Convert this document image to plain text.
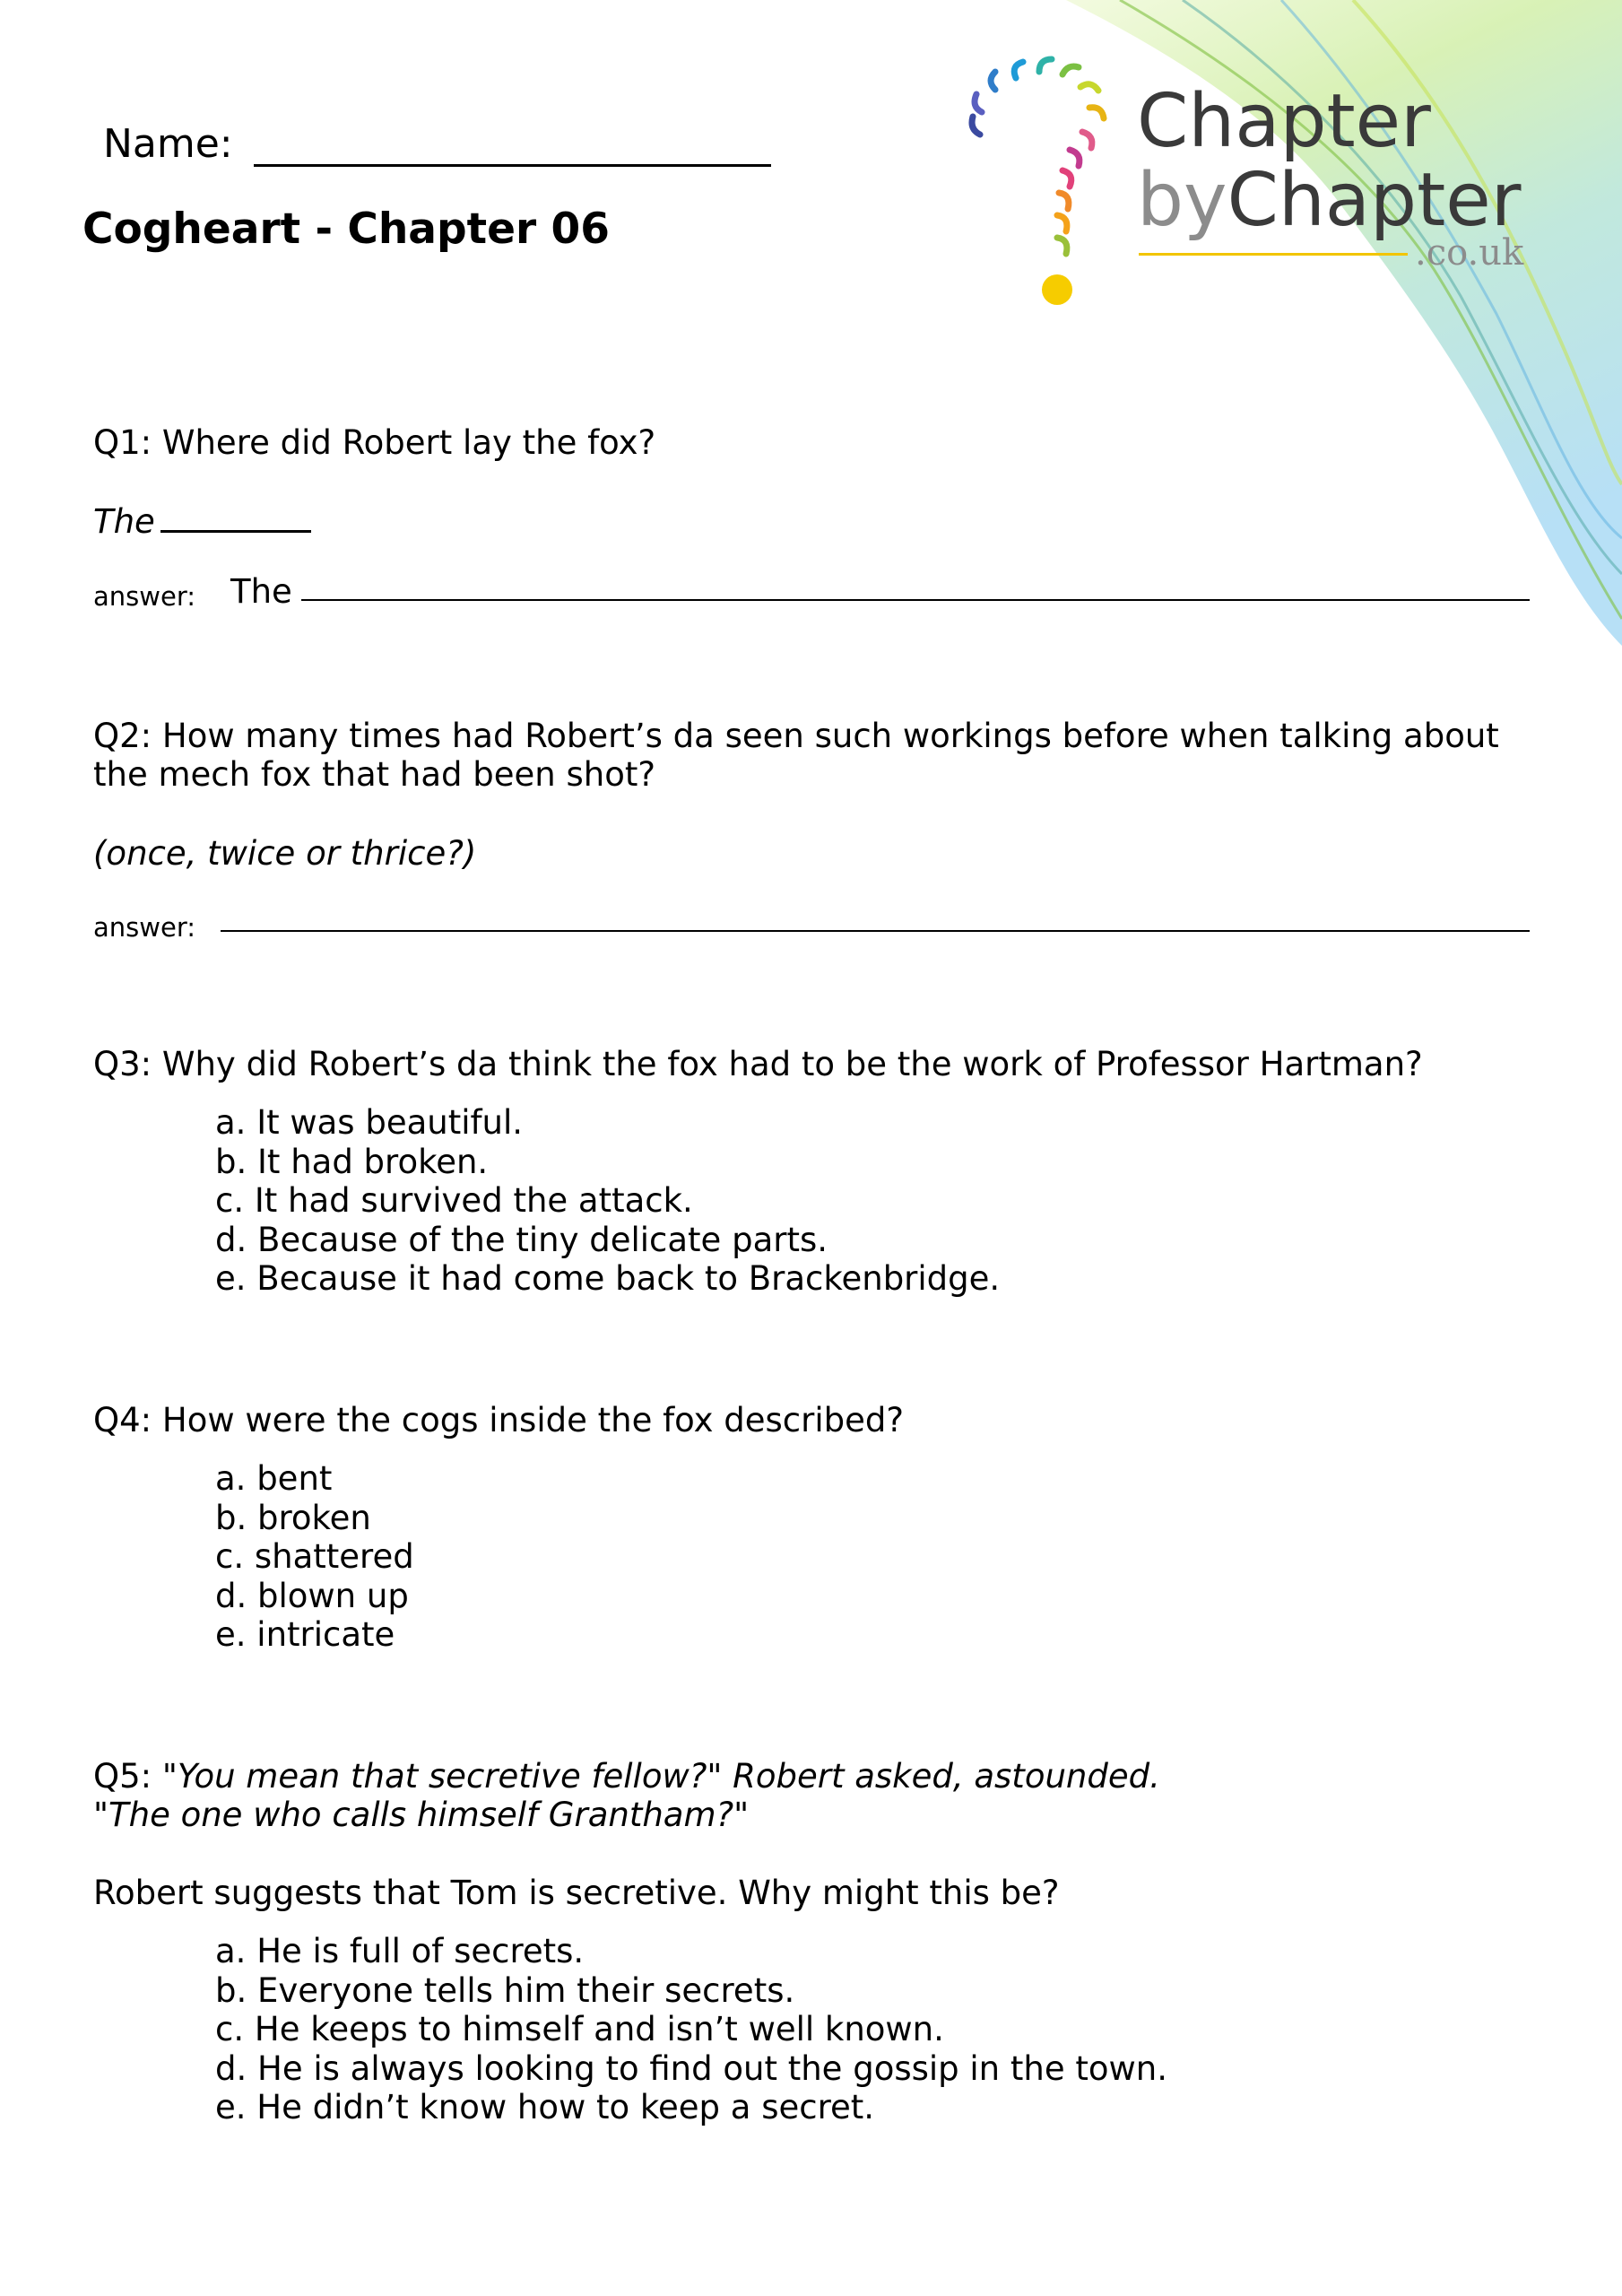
Chapter
byChapter
.co.uk
Name:
Cogheart - Chapter 06
Q1: Where did Robert lay the fox?
The
answer: The
Q2: How many times had Robert’s da seen such workings before when talking about
the mech fox that had been shot?
(once, twice or thrice?)
answer:
Q3: Why did Robert’s da think the fox had to be the work of Professor Hartman?
a. It was beautiful.
b. It had broken.
c. It had survived the attack.
d. Because of the tiny delicate parts.
e. Because it had come back to Brackenbridge.
Q4: How were the cogs inside the fox described?
a. bent
b. broken
c. shattered
d. blown up
e. intricate
Q5: "You mean that secretive fellow?" Robert asked, astounded.
"The one who calls himself Grantham?"
Robert suggests that Tom is secretive. Why might this be?
a. He is full of secrets.
b. Everyone tells him their secrets.
c. He keeps to himself and isn’t well known.
d. He is always looking to find out the gossip in the town.
e. He didn’t know how to keep a secret.
